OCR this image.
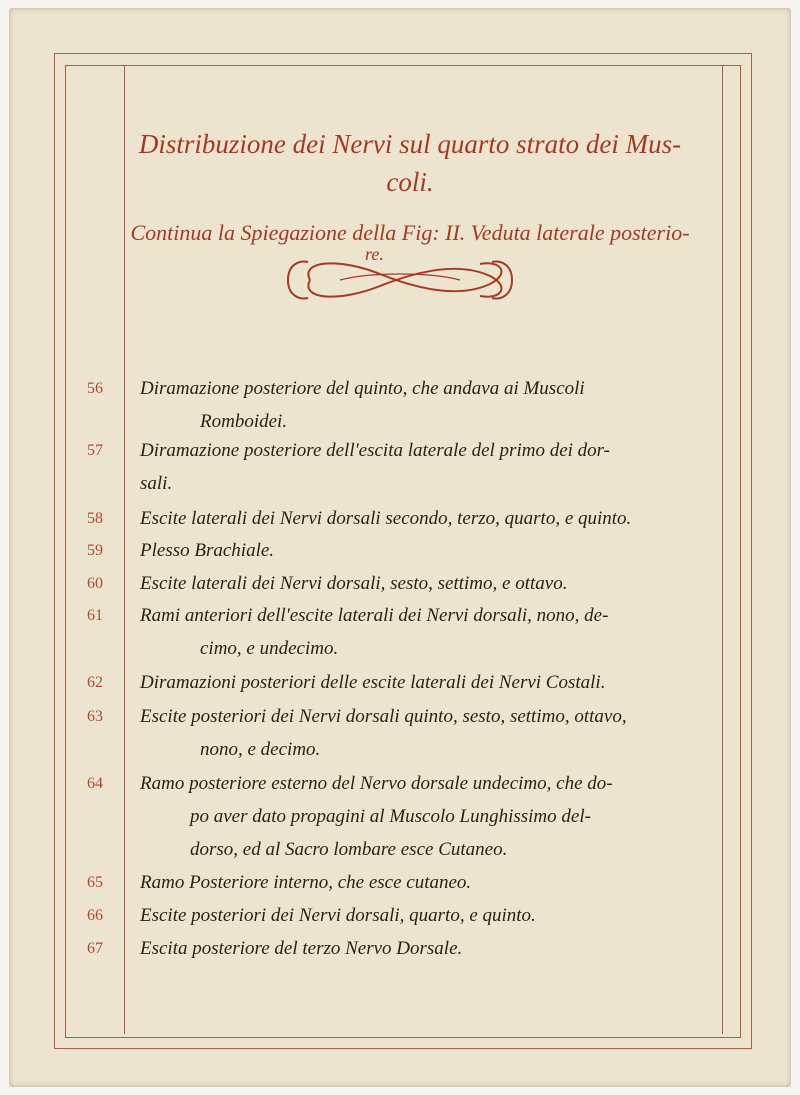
Distribuzione dei Nervi sul quarto strato dei Mus-
coli.
Continua la Spiegazione della Fig: II. Veduta laterale posterio-
re.
56	Diramazione posteriore del quinto, che andava ai Muscoli
Romboidei.
57	Diramazione posteriore dell'escita laterale del primo dei dor-
sali.
58	Escite laterali dei Nervi dorsali secondo, terzo, quarto, e quinto.
59	Plesso Brachiale.
60	Escite laterali dei Nervi dorsali, sesto, settimo, e ottavo.
61	Rami anteriori dell'escite laterali dei Nervi dorsali, nono, de-
cimo, e undecimo.
62	Diramazioni posteriori delle escite laterali dei Nervi Costali.
63	Escite posteriori dei Nervi dorsali quinto, sesto, settimo, ottavo,
nono, e decimo.
64	Ramo posteriore esterno del Nervo dorsale undecimo, che do-
po aver dato propagini al Muscolo Lunghissimo del-
dorso, ed al Sacro lombare esce Cutaneo.
65	Ramo Posteriore interno, che esce cutaneo.
66	Escite posteriori dei Nervi dorsali, quarto, e quinto.
67	Escita posteriore del terzo Nervo Dorsale.
